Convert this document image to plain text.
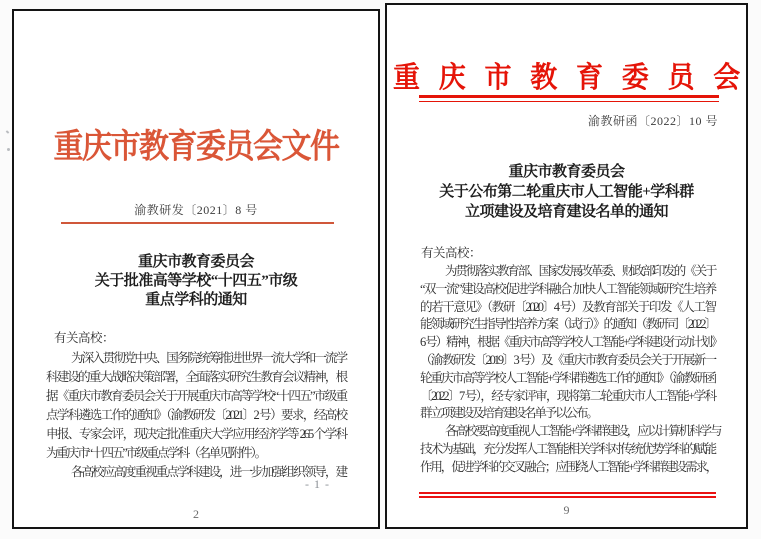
重庆市教育委员会文件
渝教研发〔2021〕8 号
重庆市教育委员会
关于批准高等学校“十四五”市级
重点学科的通知
有关高校：
为深入贯彻党中央、国务院统筹推进世界一流大学和一流学
科建设的重大战略决策部署，全面落实研究生教育会议精神，根
据《重庆市教育委员会关于开展重庆市高等学校“十四五”市级重
点学科遴选工作的通知》（渝教研发〔2021〕2 号）要求，经高校
申报、专家会评，现决定批准重庆大学应用经济学等 265 个学科
为重庆市“十四五”市级重点学科（名单见附件）。
各高校应高度重视重点学科建设，进一步加强组织领导，建
- 1 -
2
重 庆 市 教 育 委 员 会
渝教研函〔2022〕10 号
重庆市教育委员会
关于公布第二轮重庆市人工智能+学科群
立项建设及培育建设名单的通知
有关高校：
为贯彻落实教育部、国家发展改革委、财政部印发的《关于
“双一流”建设高校促进学科融合 加快人工智能领域研究生培养
的若干意见》（教研〔2020〕4 号）及教育部关于印发《人工智
能领域研究生指导性培养方案（试行）》的通知（教研司〔2022〕
6 号）精神，根据《重庆市高等学校人工智能+学科建设行动计划》
（渝教研发〔2019〕3 号）及《重庆市教育委员会关于开展新一
轮重庆市高等学校人工智能+学科群遴选工作的通知》（渝教研函
〔2022〕7 号），经专家评审，现将第二轮重庆市人工智能+学科
群立项建设及培育建设名单予以公布。
各高校要高度重视人工智能+学科群建设，应以计算机科学与
技术为基础，充分发挥人工智能相关学科对传统优势学科的赋能
作用，促进学科的交叉融合；应围绕人工智能+学科群建设需求，
9
